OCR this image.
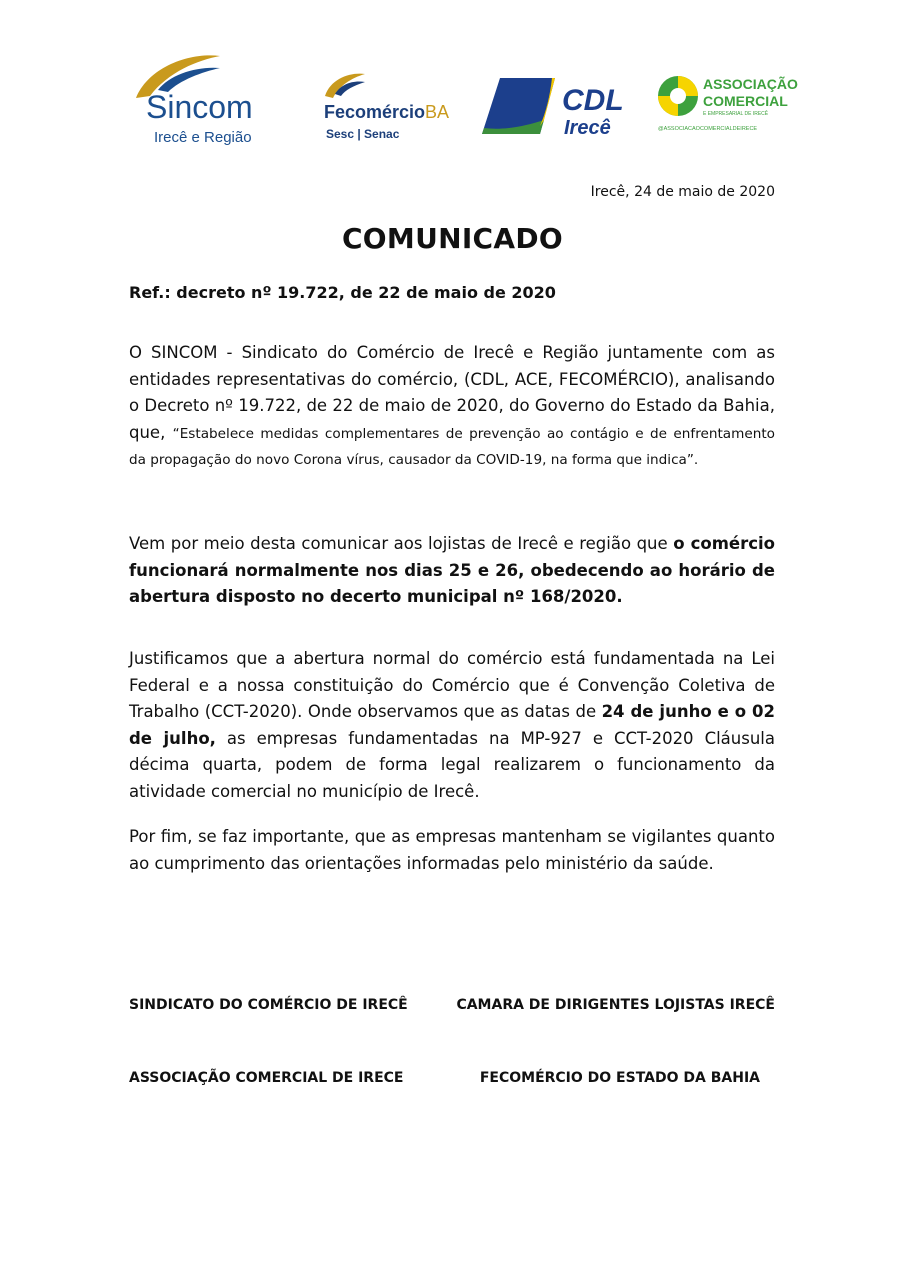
Sincom
Irecê e Região
Fecomércio BA
Sesc | Senac
CDL
Irecê
ASSOCIAÇÃO
COMERCIAL
E EMPRESARIAL DE IRECÊ
@ASSOCIACAOCOMERCIALDEIRECE
Irecê, 24 de maio de 2020
COMUNICADO
Ref.: decreto nº 19.722, de 22 de maio de 2020

O SINCOM - Sindicato do Comércio de Irecê e Região juntamente com as entidades representativas do comércio, (CDL, ACE, FECOMÉRCIO), analisando o Decreto nº 19.722, de 22 de maio de 2020, do Governo do Estado da Bahia, que, “Estabelece medidas complementares de prevenção ao contágio e de enfrentamento da propagação do novo Corona vírus, causador da COVID-19, na forma que indica”.

Vem por meio desta comunicar aos lojistas de Irecê e região que o comércio funcionará normalmente nos dias 25 e 26, obedecendo ao horário de abertura disposto no decerto municipal nº 168/2020.

Justificamos que a abertura normal do comércio está fundamentada na Lei Federal e a nossa constituição do Comércio que é Convenção Coletiva de Trabalho (CCT-2020). Onde observamos que as datas de 24 de junho e o 02 de julho, as empresas fundamentadas na MP-927 e CCT-2020 Cláusula décima quarta, podem de forma legal realizarem o funcionamento da atividade comercial no município de Irecê.

Por fim, se faz importante, que as empresas mantenham se vigilantes quanto ao cumprimento das orientações informadas pelo ministério da saúde.

SINDICATO DO COMÉRCIO DE IRECÊ	CAMARA DE DIRIGENTES LOJISTAS IRECÊ
ASSOCIAÇÃO COMERCIAL DE IRECE	FECOMÉRCIO DO ESTADO DA BAHIA
